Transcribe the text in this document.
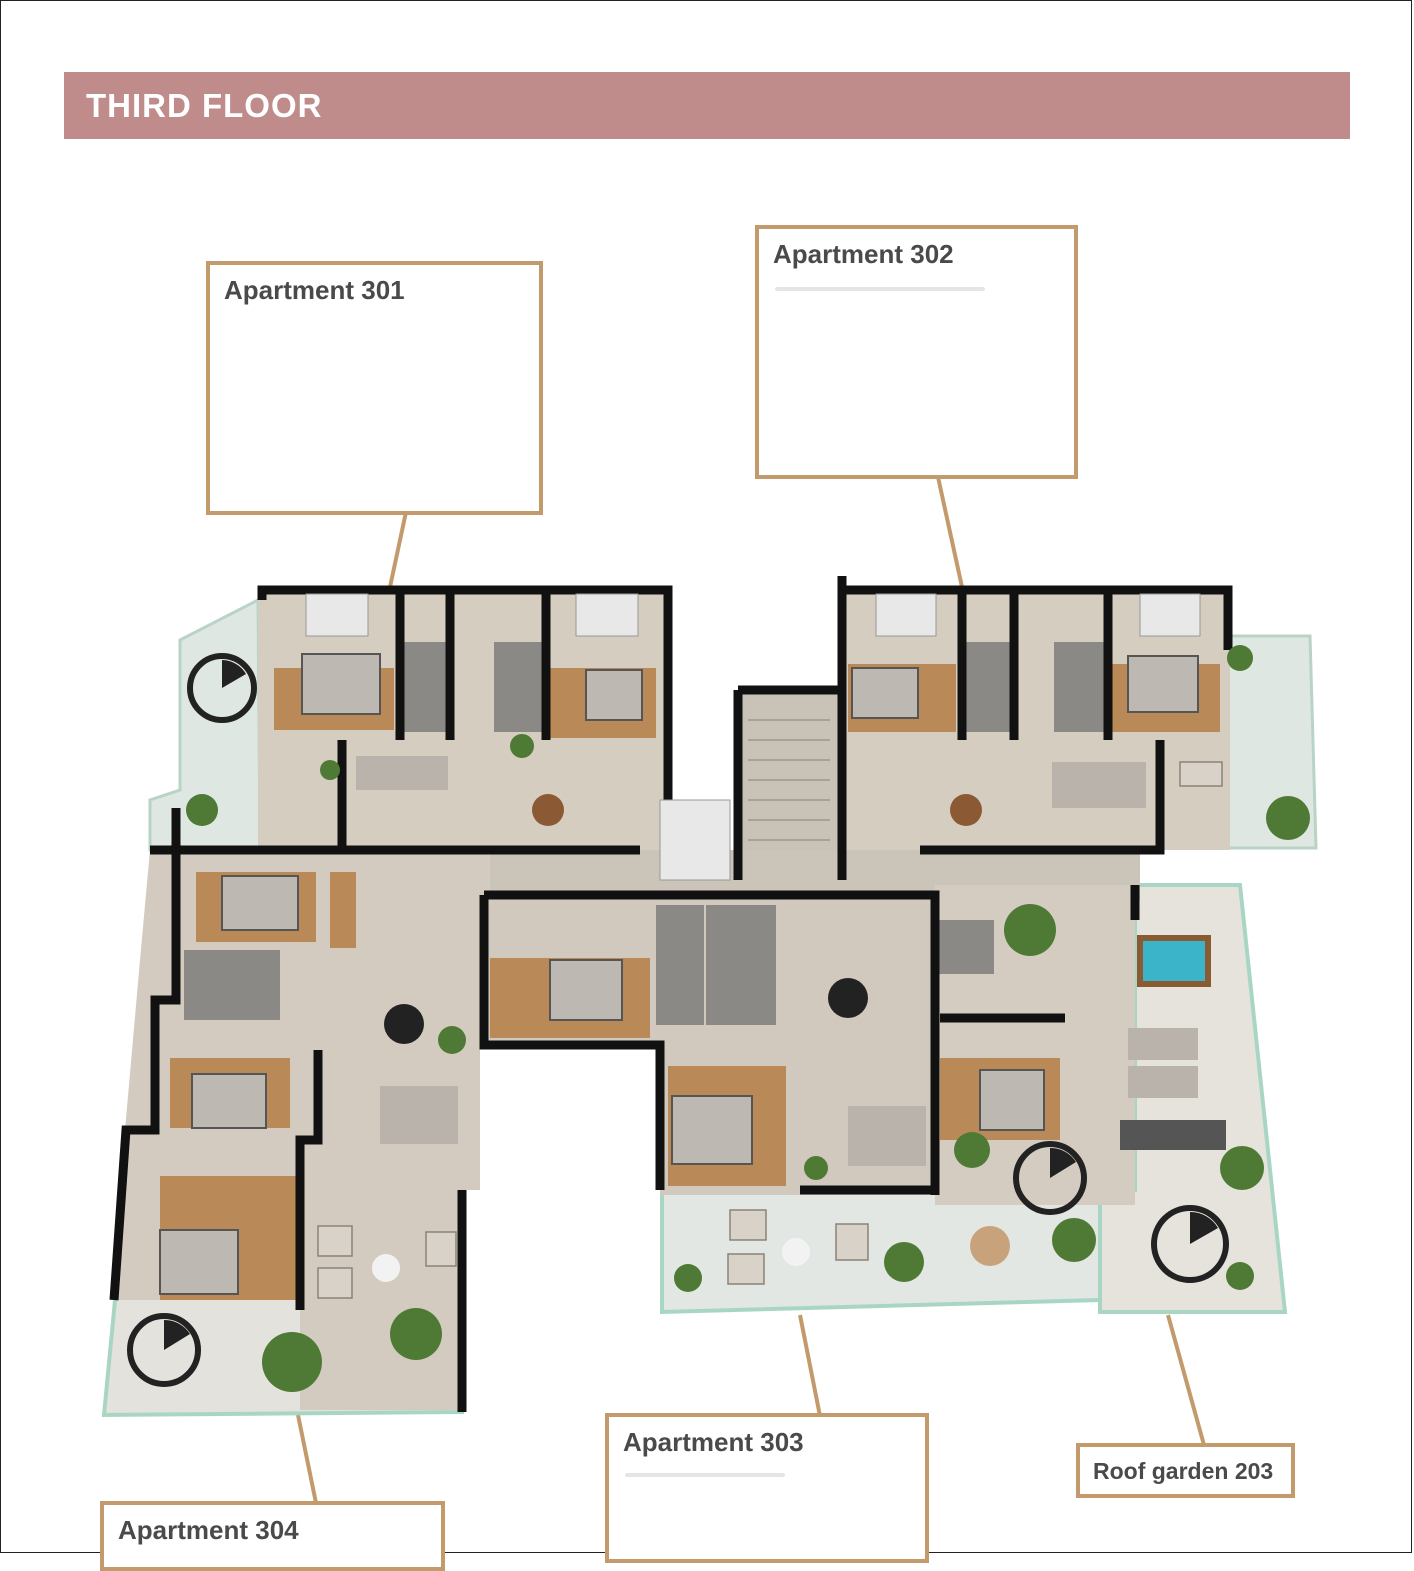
THIRD FLOOR
Apartment 301
Apartment 302
Apartment 303
Apartment 304
Roof garden 203
